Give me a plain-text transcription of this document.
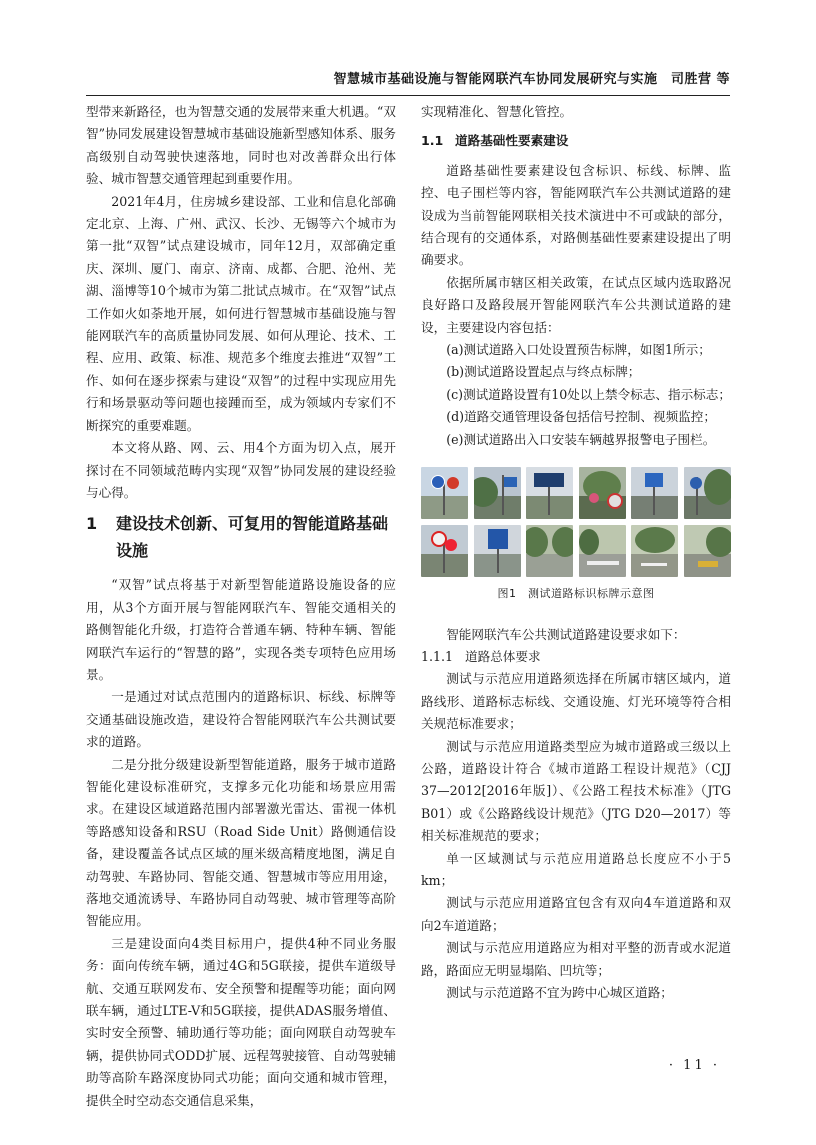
智慧城市基础设施与智能网联汽车协同发展研究与实施　司胜营 等

型带来新路径，也为智慧交通的发展带来重大机遇。“双智”协同发展建设智慧城市基础设施新型感知体系、服务高级别自动驾驶快速落地，同时也对改善群众出行体验、城市智慧交通管理起到重要作用。

2021年4月，住房城乡建设部、工业和信息化部确定北京、上海、广州、武汉、长沙、无锡等六个城市为第一批“双智”试点建设城市，同年12月，双部确定重庆、深圳、厦门、南京、济南、成都、合肥、沧州、芜湖、淄博等10个城市为第二批试点城市。在“双智”试点工作如火如荼地开展，如何进行智慧城市基础设施与智能网联汽车的高质量协同发展、如何从理论、技术、工程、应用、政策、标准、规范多个维度去推进“双智”工作、如何在逐步探索与建设“双智”的过程中实现应用先行和场景驱动等问题也接踵而至，成为领域内专家们不断探究的重要难题。

本文将从路、网、云、用4个方面为切入点，展开探讨在不同领域范畴内实现“双智”协同发展的建设经验与心得。

1	建设技术创新、可复用的智能道路基础设施

“双智”试点将基于对新型智能道路设施设备的应用，从3个方面开展与智能网联汽车、智能交通相关的路侧智能化升级，打造符合普通车辆、特种车辆、智能网联汽车运行的“智慧的路”，实现各类专项特色应用场景。

一是通过对试点范围内的道路标识、标线、标牌等交通基础设施改造，建设符合智能网联汽车公共测试要求的道路。

二是分批分级建设新型智能道路，服务于城市道路智能化建设标准研究，支撑多元化功能和场景应用需求。在建设区域道路范围内部署激光雷达、雷视一体机等路感知设备和RSU（Road Side Unit）路侧通信设备，建设覆盖各试点区域的厘米级高精度地图，满足自动驾驶、车路协同、智能交通、智慧城市等应用用途，落地交通流诱导、车路协同自动驾驶、城市管理等高阶智能应用。

三是建设面向4类目标用户，提供4种不同业务服务：面向传统车辆，通过4G和5G联接，提供车道级导航、交通互联网发布、安全预警和提醒等功能；面向网联车辆，通过LTE-V和5G联接，提供ADAS服务增值、实时安全预警、辅助通行等功能；面向网联自动驾驶车辆，提供协同式ODD扩展、远程驾驶接管、自动驾驶辅助等高阶车路深度协同式功能；面向交通和城市管理，提供全时空动态交通信息采集，

实现精准化、智慧化管控。

1.1 道路基础性要素建设

道路基础性要素建设包含标识、标线、标牌、监控、电子围栏等内容，智能网联汽车公共测试道路的建设成为当前智能网联相关技术演进中不可或缺的部分，结合现有的交通体系，对路侧基础性要素建设提出了明确要求。

依据所属市辖区相关政策，在试点区域内选取路况良好路口及路段展开智能网联汽车公共测试道路的建设，主要建设内容包括：

(a)测试道路入口处设置预告标牌，如图1所示；

(b)测试道路设置起点与终点标牌；

(c)测试道路设置有10处以上禁令标志、指示标志；

(d)道路交通管理设备包括信号控制、视频监控；

(e)测试道路出入口安装车辆越界报警电子围栏。

图1　测试道路标识标牌示意图

智能网联汽车公共测试道路建设要求如下：

1.1.1 道路总体要求

测试与示范应用道路须选择在所属市辖区域内，道路线形、道路标志标线、交通设施、灯光环境等符合相关规范标准要求；

测试与示范应用道路类型应为城市道路或三级以上公路，道路设计符合《城市道路工程设计规范》（CJJ 37—2012[2016年版]）、《公路工程技术标准》（JTG B01）或《公路路线设计规范》（JTG D20—2017）等相关标准规范的要求；

单一区域测试与示范应用道路总长度应不小于5 km；

测试与示范应用道路宜包含有双向4车道道路和双向2车道道路；

测试与示范应用道路应为相对平整的沥青或水泥道路，路面应无明显塌陷、凹坑等；

测试与示范道路不宜为跨中心城区道路；

· 11 ·
